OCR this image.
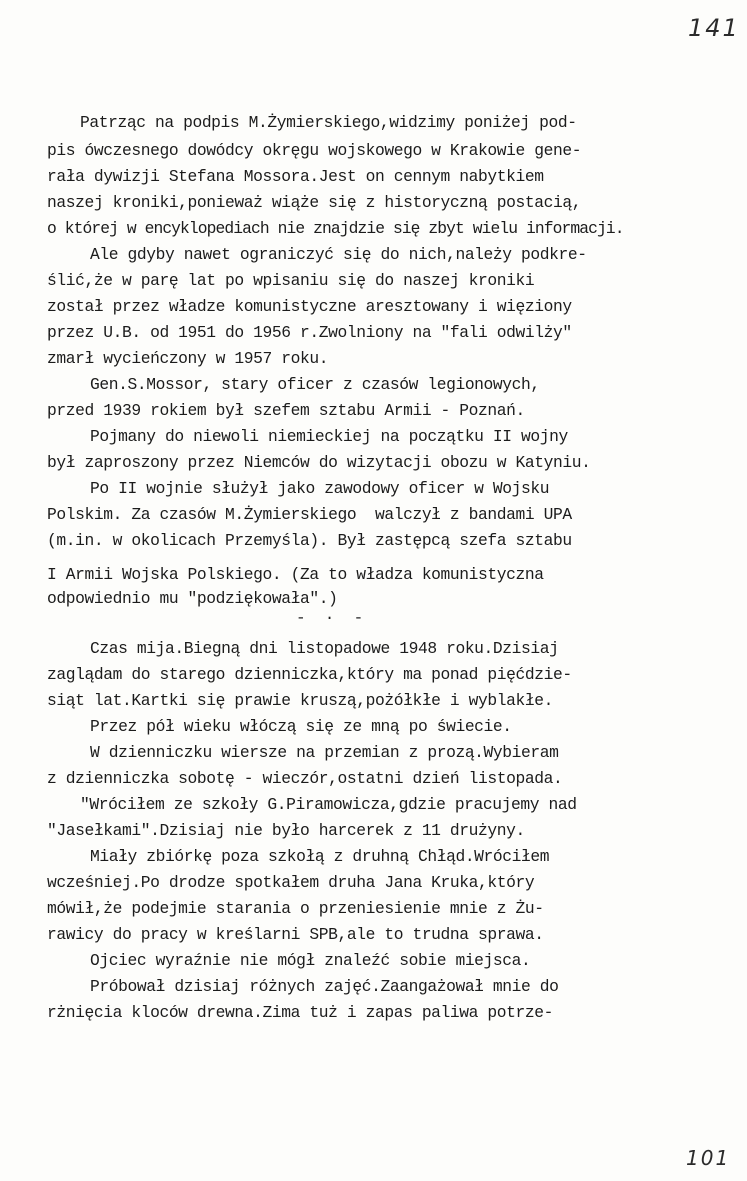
141
Patrząc na podpis M.Żymierskiego,widzimy poniżej pod-
pis ówczesnego dowódcy okręgu wojskowego w Krakowie gene-
rała dywizji Stefana Mossora.Jest on cennym nabytkiem
naszej kroniki,ponieważ wiąże się z historyczną postacią,
o której w encyklopediach nie znajdzie się zbyt wielu informacji.
Ale gdyby nawet ograniczyć się do nich,należy podkre-
ślić,że w parę lat po wpisaniu się do naszej kroniki
został przez władze komunistyczne aresztowany i więziony
przez U.B. od 1951 do 1956 r.Zwolniony na "fali odwilży"
zmarł wycieńczony w 1957 roku.
Gen.S.Mossor, stary oficer z czasów legionowych,
przed 1939 rokiem był szefem sztabu Armii - Poznań.
Pojmany do niewoli niemieckiej na początku II wojny
był zaproszony przez Niemców do wizytacji obozu w Katyniu.
Po II wojnie służył jako zawodowy oficer w Wojsku
Polskim. Za czasów M.Żymierskiego  walczył z bandami UPA
(m.in. w okolicach Przemyśla). Był zastępcą szefa sztabu
I Armii Wojska Polskiego. (Za to władza komunistyczna
odpowiednio mu "podziękowała".)
-  ·  -
Czas mija.Biegną dni listopadowe 1948 roku.Dzisiaj
zaglądam do starego dzienniczka,który ma ponad pięćdzie-
siąt lat.Kartki się prawie kruszą,pożółkłe i wyblakłe.
Przez pół wieku włóczą się ze mną po świecie.
W dzienniczku wiersze na przemian z prozą.Wybieram
z dzienniczka sobotę - wieczór,ostatni dzień listopada.
"Wróciłem ze szkoły G.Piramowicza,gdzie pracujemy nad
"Jasełkami".Dzisiaj nie było harcerek z 11 drużyny.
Miały zbiórkę poza szkołą z druhną Chłąd.Wróciłem
wcześniej.Po drodze spotkałem druha Jana Kruka,który
mówił,że podejmie starania o przeniesienie mnie z Żu-
rawicy do pracy w kreślarni SPB,ale to trudna sprawa.
Ojciec wyraźnie nie mógł znaleźć sobie miejsca.
Próbował dzisiaj różnych zajęć.Zaangażował mnie do
rżnięcia kloców drewna.Zima tuż i zapas paliwa potrze-
101
